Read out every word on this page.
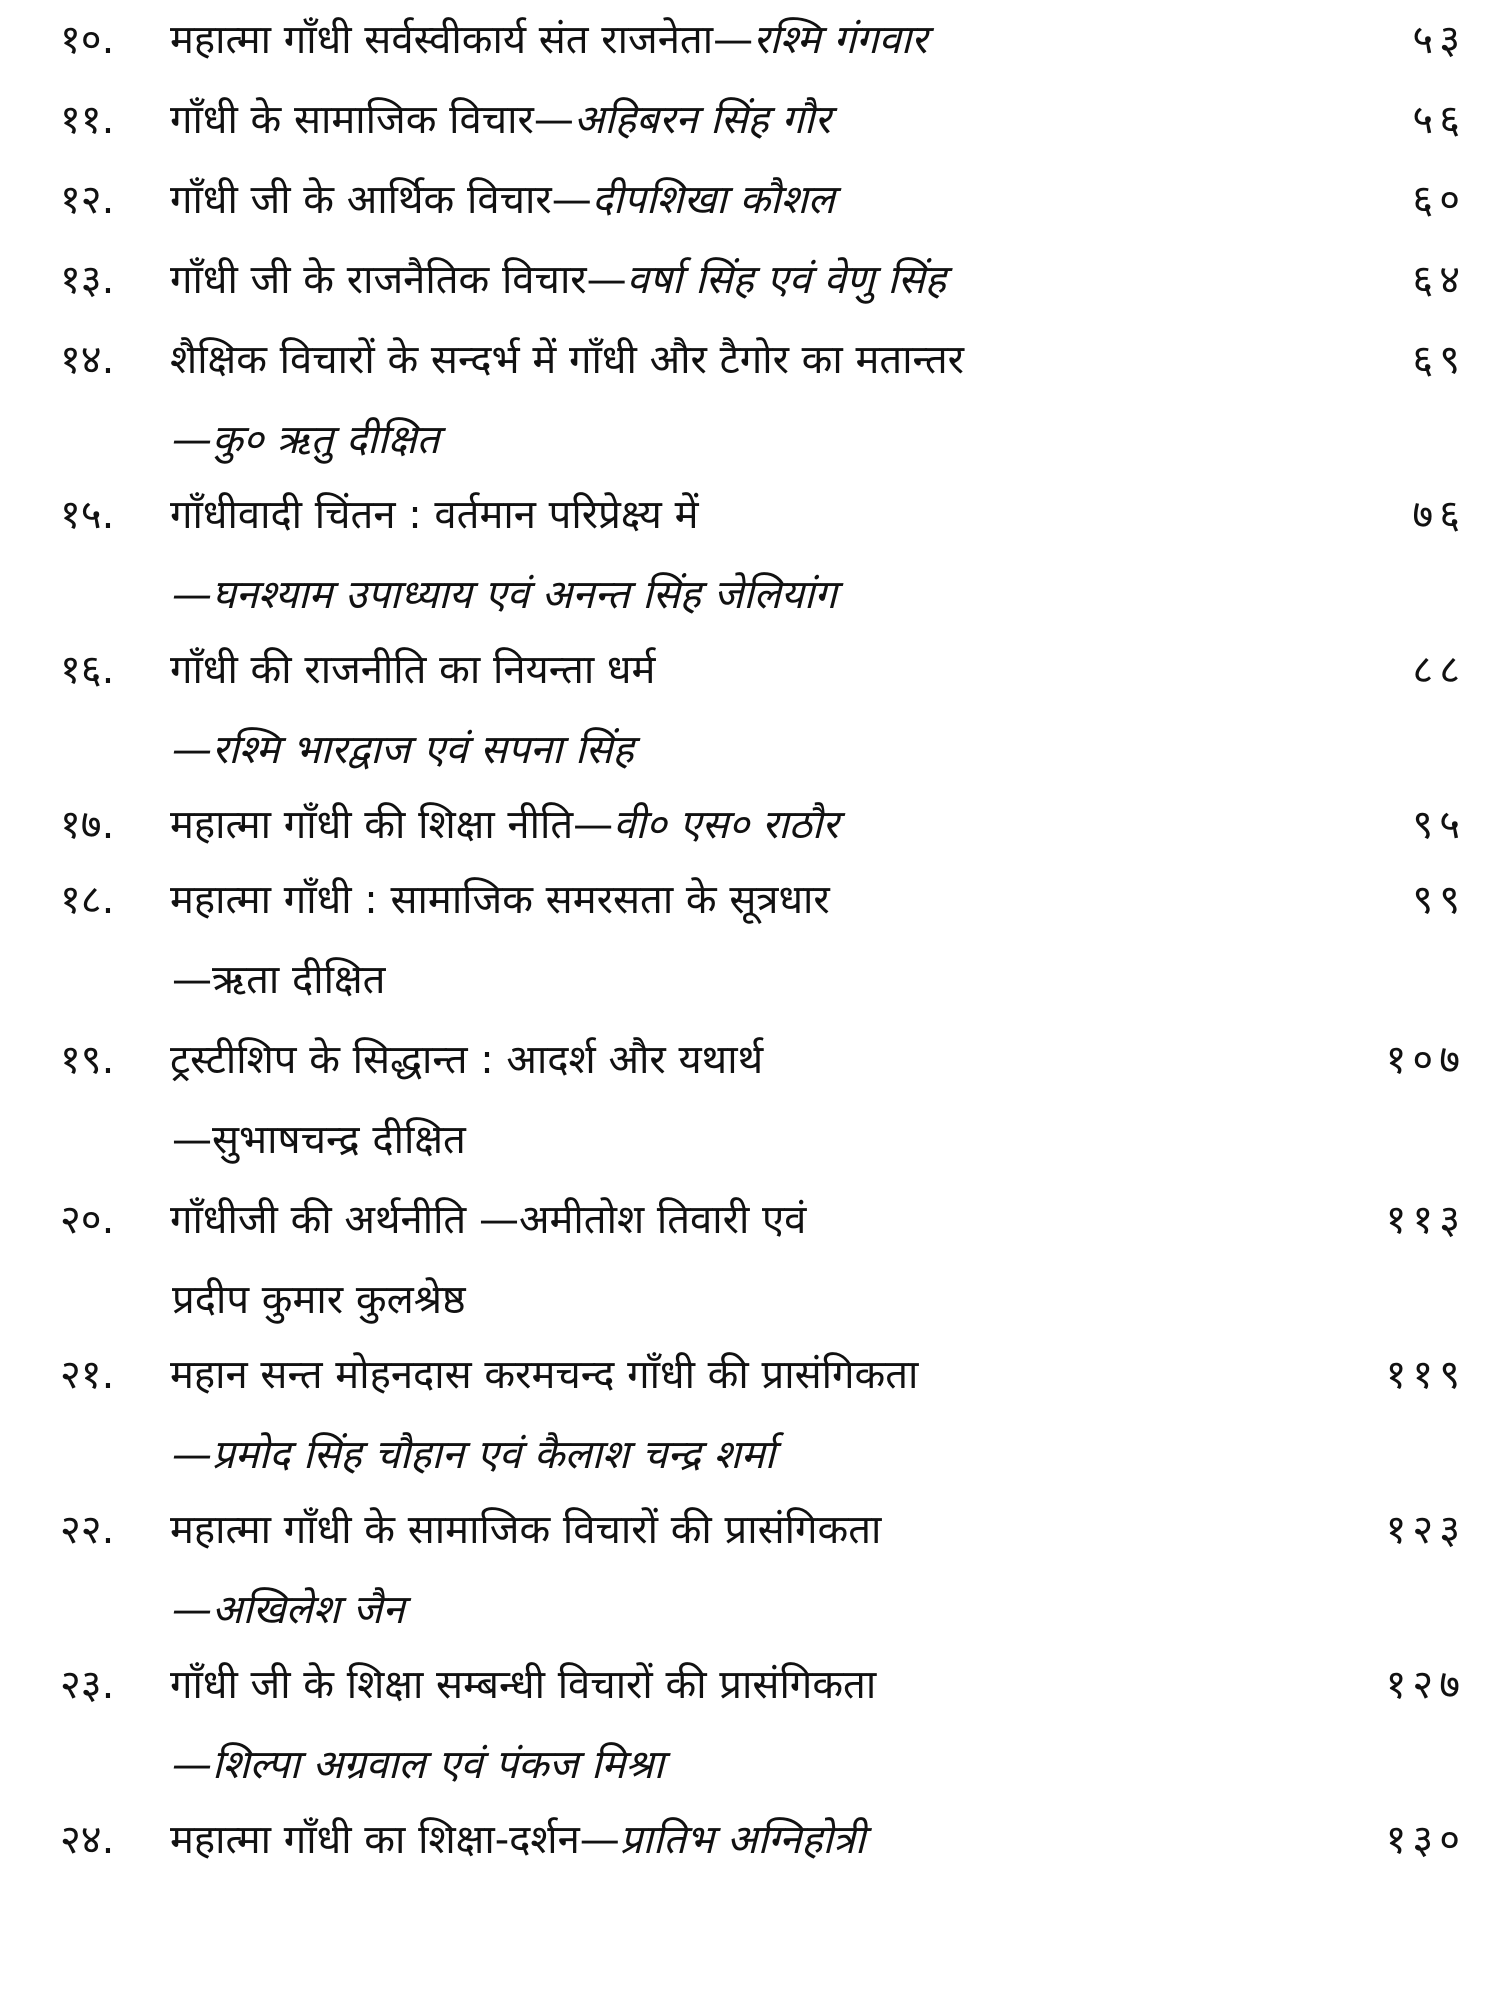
१०. महात्मा गाँधी सर्वस्वीकार्य संत राजनेता—रश्मि गंगवार	५३
११. गाँधी के सामाजिक विचार—अहिबरन सिंह गौर	५६
१२. गाँधी जी के आर्थिक विचार—दीपशिखा कौशल	६०
१३. गाँधी जी के राजनैतिक विचार—वर्षा सिंह एवं वेणु सिंह	६४
१४. शैक्षिक विचारों के सन्दर्भ में गाँधी और टैगोर का मतान्तर	६९
—कु० ऋतु दीक्षित
१५. गाँधीवादी चिंतन : वर्तमान परिप्रेक्ष्य में	७६
—घनश्याम उपाध्याय एवं अनन्त सिंह जेलियांग
१६. गाँधी की राजनीति का नियन्ता धर्म	८८
—रश्मि भारद्वाज एवं सपना सिंह
१७. महात्मा गाँधी की शिक्षा नीति—वी० एस० राठौर	९५
१८. महात्मा गाँधी : सामाजिक समरसता के सूत्रधार	९९
—ऋता दीक्षित
१९. ट्रस्टीशिप के सिद्धान्त : आदर्श और यथार्थ	१०७
—सुभाषचन्द्र दीक्षित
२०. गाँधीजी की अर्थनीति —अमीतोश तिवारी एवं	११३
प्रदीप कुमार कुलश्रेष्ठ
२१. महान सन्त मोहनदास करमचन्द गाँधी की प्रासंगिकता	११९
—प्रमोद सिंह चौहान एवं कैलाश चन्द्र शर्मा
२२. महात्मा गाँधी के सामाजिक विचारों की प्रासंगिकता	१२३
—अखिलेश जैन
२३. गाँधी जी के शिक्षा सम्बन्धी विचारों की प्रासंगिकता	१२७
—शिल्पा अग्रवाल एवं पंकज मिश्रा
२४. महात्मा गाँधी का शिक्षा-दर्शन—प्रातिभ अग्निहोत्री	१३०
